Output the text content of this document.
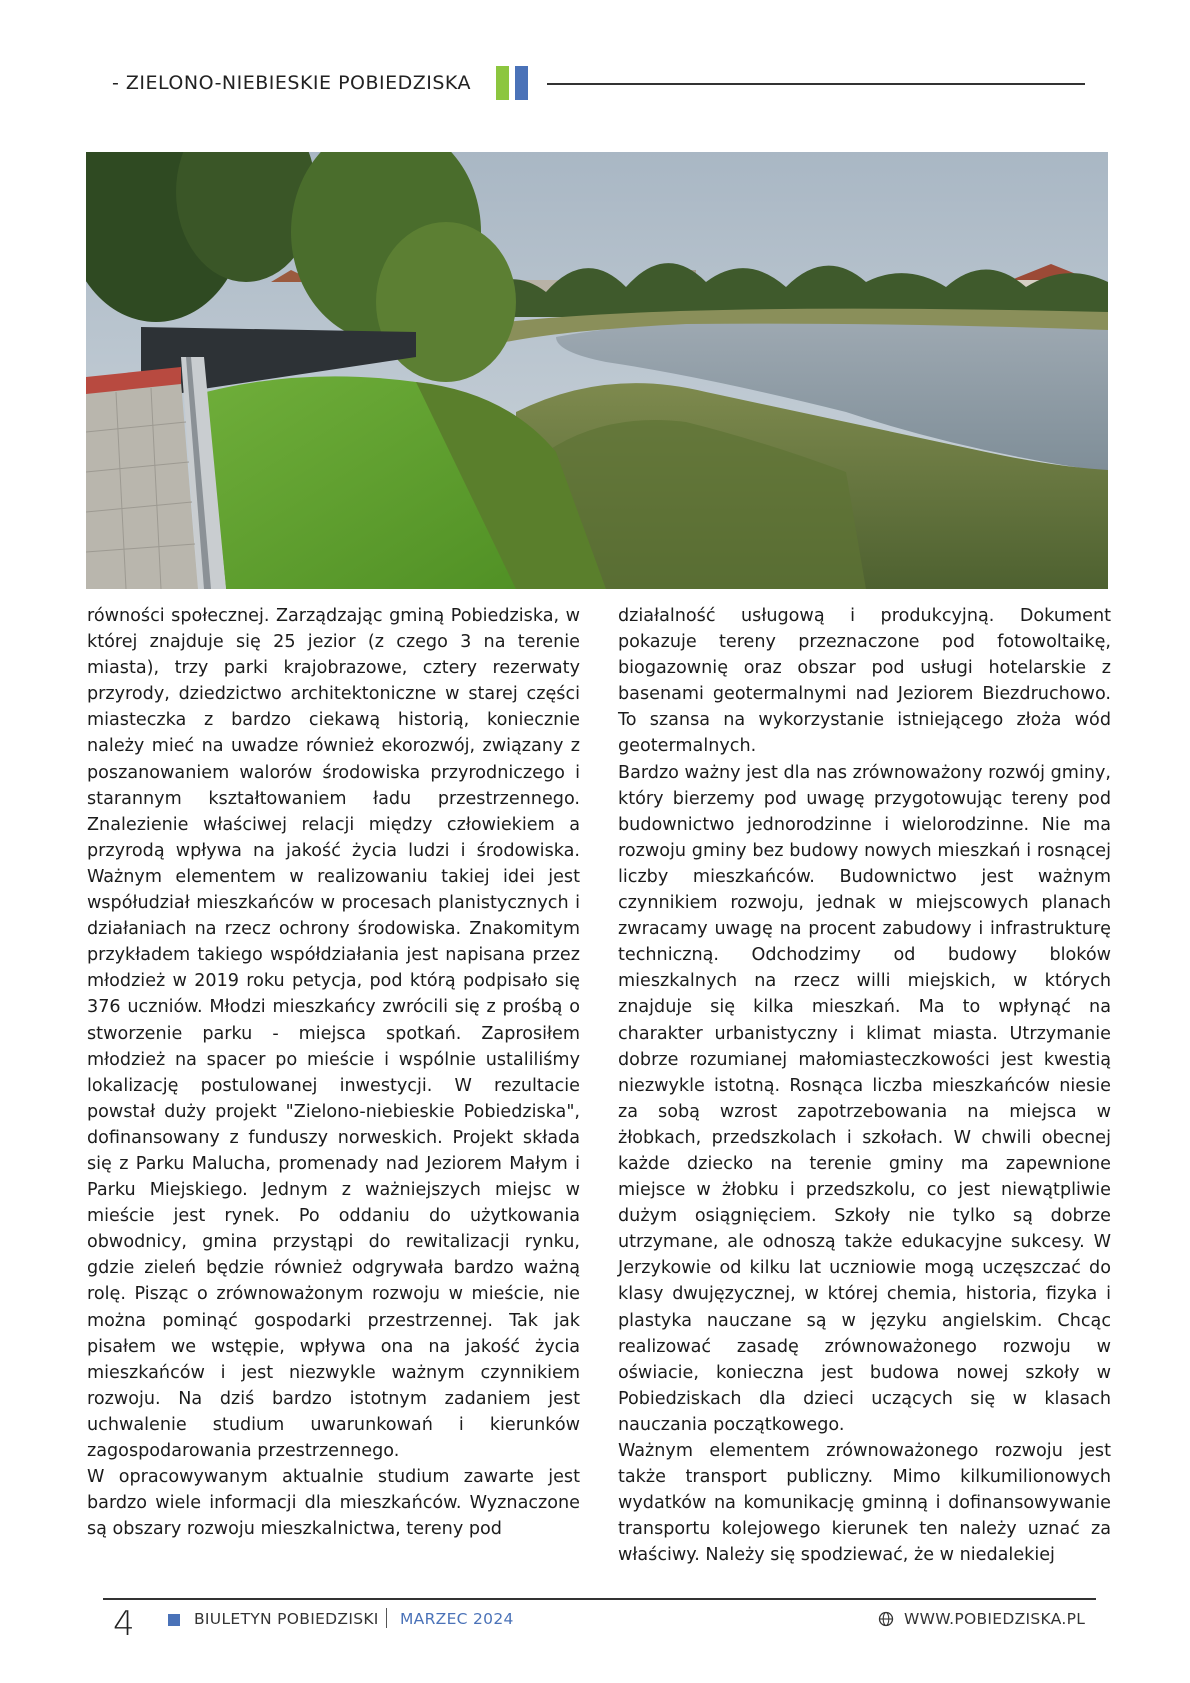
- ZIELONO-NIEBIESKIE POBIEDZISKA

równości społecznej. Zarządzając gminą Pobiedziska, w której znajduje się 25 jezior (z czego 3 na terenie miasta), trzy parki krajobrazowe, cztery rezerwaty przyrody, dziedzictwo architektoniczne w starej części miasteczka z bardzo ciekawą historią, koniecznie należy mieć na uwadze również ekorozwój, związany z poszanowaniem walorów środowiska przyrodniczego i starannym kształtowaniem ładu przestrzennego. Znalezienie właściwej relacji między człowiekiem a przyrodą wpływa na jakość życia ludzi i środowiska. Ważnym elementem w realizowaniu takiej idei jest współudział mieszkańców w procesach planistycznych i działaniach na rzecz ochrony środowiska. Znakomitym przykładem takiego współdziałania jest napisana przez młodzież w 2019 roku petycja, pod którą podpisało się 376 uczniów. Młodzi mieszkańcy zwrócili się z prośbą o stworzenie parku - miejsca spotkań. Zaprosiłem młodzież na spacer po mieście i wspólnie ustaliliśmy lokalizację postulowanej inwestycji. W rezultacie powstał duży projekt "Zielono-niebieskie Pobiedziska", dofinansowany z funduszy norweskich. Projekt składa się z Parku Malucha, promenady nad Jeziorem Małym i Parku Miejskiego. Jednym z ważniejszych miejsc w mieście jest rynek. Po oddaniu do użytkowania obwodnicy, gmina przystąpi do rewitalizacji rynku, gdzie zieleń będzie również odgrywała bardzo ważną rolę. Pisząc o zrównoważonym rozwoju w mieście, nie można pominąć gospodarki przestrzennej. Tak jak pisałem we wstępie, wpływa ona na jakość życia mieszkańców i jest niezwykle ważnym czynnikiem rozwoju. Na dziś bardzo istotnym zadaniem jest uchwalenie studium uwarunkowań i kierunków zagospodarowania przestrzennego.

W opracowywanym aktualnie studium zawarte jest bardzo wiele informacji dla mieszkańców. Wyznaczone są obszary rozwoju mieszkalnictwa, tereny pod

działalność usługową i produkcyjną. Dokument pokazuje tereny przeznaczone pod fotowoltaikę, biogazownię oraz obszar pod usługi hotelarskie z basenami geotermalnymi nad Jeziorem Biezdruchowo. To szansa na wykorzystanie istniejącego złoża wód geotermalnych.

Bardzo ważny jest dla nas zrównoważony rozwój gminy, który bierzemy pod uwagę przygotowując tereny pod budownictwo jednorodzinne i wielorodzinne. Nie ma rozwoju gminy bez budowy nowych mieszkań i rosnącej liczby mieszkańców. Budownictwo jest ważnym czynnikiem rozwoju, jednak w miejscowych planach zwracamy uwagę na procent zabudowy i infrastrukturę techniczną. Odchodzimy od budowy bloków mieszkalnych na rzecz willi miejskich, w których znajduje się kilka mieszkań. Ma to wpłynąć na charakter urbanistyczny i klimat miasta. Utrzymanie dobrze rozumianej małomiasteczkowości jest kwestią niezwykle istotną. Rosnąca liczba mieszkańców niesie za sobą wzrost zapotrzebowania na miejsca w żłobkach, przedszkolach i szkołach. W chwili obecnej każde dziecko na terenie gminy ma zapewnione miejsce w żłobku i przedszkolu, co jest niewątpliwie dużym osiągnięciem. Szkoły nie tylko są dobrze utrzymane, ale odnoszą także edukacyjne sukcesy. W Jerzykowie od kilku lat uczniowie mogą uczęszczać do klasy dwujęzycznej, w której chemia, historia, fizyka i plastyka nauczane są w języku angielskim. Chcąc realizować zasadę zrównoważonego rozwoju w oświacie, konieczna jest budowa nowej szkoły w Pobiedziskach dla dzieci uczących się w klasach nauczania początkowego.

Ważnym elementem zrównoważonego rozwoju jest także transport publiczny. Mimo kilkumilionowych wydatków na komunikację gminną i dofinansowywanie transportu kolejowego kierunek ten należy uznać za właściwy. Należy się spodziewać, że w niedalekiej

4	BIULETYN POBIEDZISKI MARZEC 2024	WWW.POBIEDZISKA.PL
